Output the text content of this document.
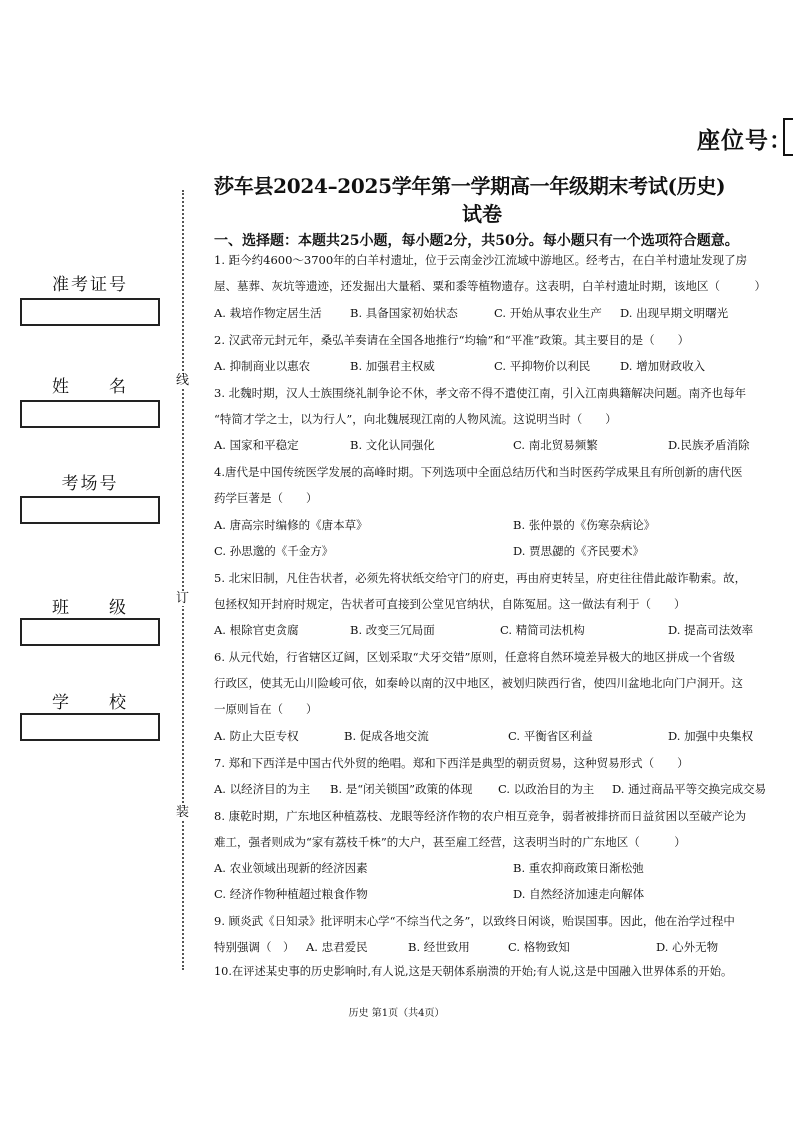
座位号：
准考证号
姓　　名
考场号
班　　级
学　　校
线
订
装
莎车县2024–2025学年第一学期高一年级期末考试(历史)
试卷
一、选择题：本题共25小题，每小题2分，共50分。每小题只有一个选项符合题意。
1. 距今约4600～3700年的白羊村遗址，位于云南金沙江流域中游地区。经考古，在白羊村遗址发现了房
屋、墓葬、灰坑等遗迹，还发掘出大量稻、粟和黍等植物遗存。这表明，白羊村遗址时期，该地区（　　　）
A. 栽培作物定居生活 B. 具备国家初始状态	C. 开始从事农业生产 D. 出现早期文明曙光
2. 汉武帝元封元年，桑弘羊奏请在全国各地推行“均输”和“平准”政策。其主要目的是（　　）
A. 抑制商业以惠农	B. 加强君主权威	C. 平抑物价以利民	D. 增加财政收入
3. 北魏时期，汉人士族围绕礼制争论不休，孝文帝不得不遣使江南，引入江南典籍解决问题。南齐也每年
“特简才学之士，以为行人”，向北魏展现江南的人物风流。这说明当时（　　）
A. 国家和平稳定	B. 文化认同强化	C. 南北贸易频繁	D.民族矛盾消除
4.唐代是中国传统医学发展的高峰时期。下列选项中全面总结历代和当时医药学成果且有所创新的唐代医
药学巨著是（　　）
A. 唐高宗时编修的《唐本草》	B. 张仲景的《伤寒杂病论》
C. 孙思邈的《千金方》	D. 贾思勰的《齐民要术》
5. 北宋旧制，凡住告状者，必须先将状纸交给守门的府吏，再由府吏转呈，府吏往往借此敲诈勒索。故，
包拯权知开封府时规定，告状者可直接到公堂见官纳状，自陈冤屈。这一做法有利于（　　）
A. 根除官吏贪腐	B. 改变三冗局面	C. 精简司法机构	D. 提高司法效率
6. 从元代始，行省辖区辽阔，区划采取“犬牙交错”原则，任意将自然环境差异极大的地区拼成一个省级
行政区，使其无山川险峻可依，如秦岭以南的汉中地区，被划归陕西行省，使四川盆地北向门户洞开。这
一原则旨在（　　）
A. 防止大臣专权	B. 促成各地交流	C. 平衡省区利益	D. 加强中央集权
7. 郑和下西洋是中国古代外贸的绝唱。郑和下西洋是典型的朝贡贸易，这种贸易形式（　　）
A. 以经济目的为主 B. 是“闭关锁国”政策的体现 C. 以政治目的为主 D. 通过商品平等交换完成交易
8. 康乾时期，广东地区种植荔枝、龙眼等经济作物的农户相互竞争，弱者被排挤而日益贫困以至破产论为
难工，强者则成为“家有荔枝千株”的大户，甚至雇工经营，这表明当时的广东地区（　　　）
A. 农业领域出现新的经济因素	B. 重农抑商政策日渐松弛
C. 经济作物种植超过粮食作物	D. 自然经济加速走向解体
9. 顾炎武《日知录》批评明末心学“不综当代之务”，以致终日闲谈，贻误国事。因此，他在治学过程中
特别强调（　） A. 忠君爱民	B. 经世致用	C. 格物致知	D. 心外无物
10.在评述某史事的历史影响时,有人说,这是天朝体系崩溃的开始;有人说,这是中国融入世界体系的开始。
历史 第1页（共4页）
